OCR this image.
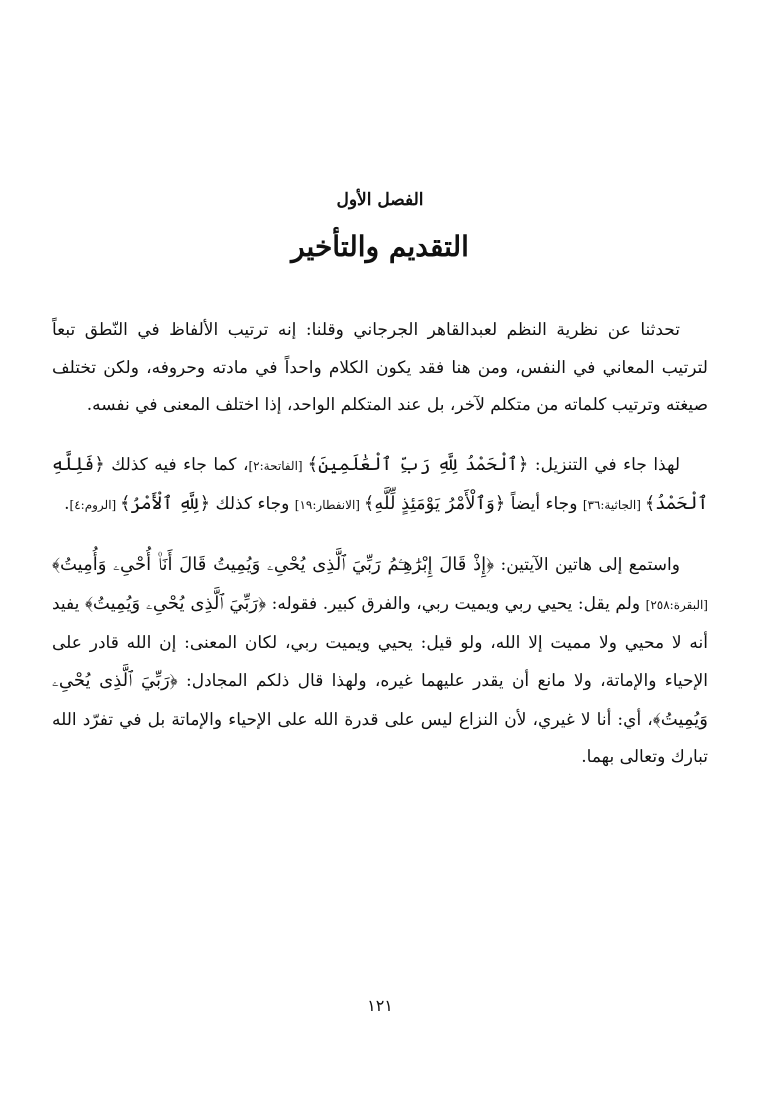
الفصل الأول
التقديم والتأخير

تحدثنا عن نظرية النظم لعبدالقاهر الجرجاني وقلنا: إنه ترتيب الألفاظ في النّطق تبعاً لترتيب المعاني في النفس، ومن هنا فقد يكون الكلام واحداً في مادته وحروفه، ولكن تختلف صيغته وترتيب كلماته من متكلم لآخر، بل عند المتكلم الواحد، إذا اختلف المعنى في نفسه.

لهذا جاء في التنزيل: ﴿ٱلْحَمْدُ لِلَّهِ رَبِّ ٱلْعَٰلَمِينَ﴾ [الفاتحة:٢]، كما جاء فيه كذلك ﴿فَلِلَّهِ ٱلْحَمْدُ﴾ [الجاثية:٣٦] وجاء أيضاً ﴿وَٱلْأَمْرُ يَوْمَئِذٍ لِّلَّهِ﴾ [الانفطار:١٩] وجاء كذلك ﴿لِلَّهِ ٱلْأَمْرُ﴾ [الروم:٤].

واستمع إلى هاتين الآيتين: ﴿إِذْ قَالَ إِبْرَٰهِـۧمُ رَبِّيَ ٱلَّذِى يُحْىِۦ وَيُمِيتُ قَالَ أَنَا۠ أُحْىِۦ وَأُمِيتُ﴾ [البقرة:٢٥٨] ولم يقل: يحيي ربي ويميت ربي، والفرق كبير. فقوله: ﴿رَبِّيَ ٱلَّذِى يُحْىِۦ وَيُمِيتُ﴾ يفيد أنه لا محيي ولا مميت إلا الله، ولو قيل: يحيي ويميت ربي، لكان المعنى: إن الله قادر على الإحياء والإماتة، ولا مانع أن يقدر عليهما غيره، ولهذا قال ذلكم المجادل: ﴿رَبِّيَ ٱلَّذِى يُحْىِۦ وَيُمِيتُ﴾، أي: أنا لا غيري، لأن النزاع ليس على قدرة الله على الإحياء والإماتة بل في تفرّد الله تبارك وتعالى بهما.

١٢١
